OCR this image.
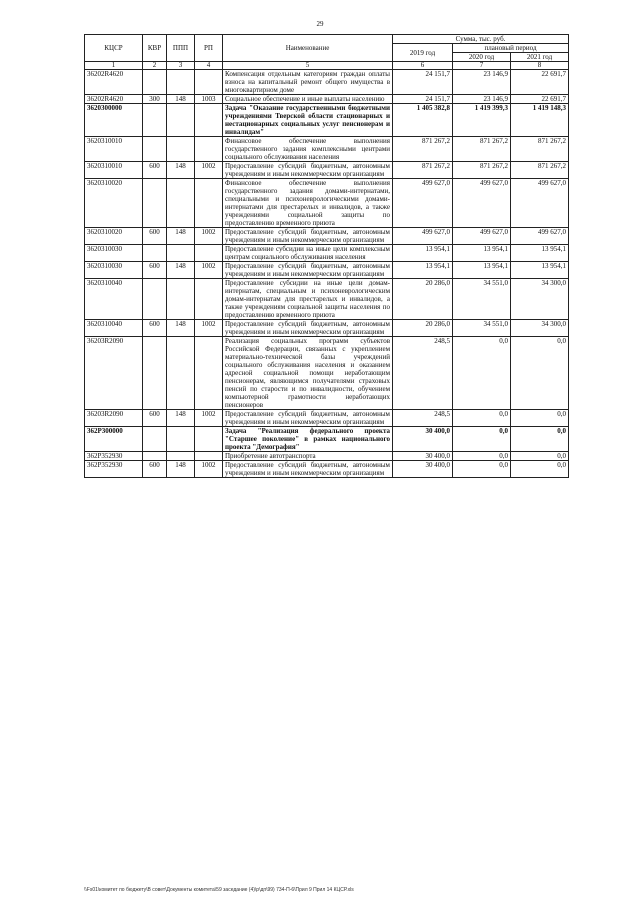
29
КЦСР	КВР	ППП	РП	Наименование	Сумма, тыс. руб.		
					2019 год	плановый период	
						2020 год	2021 год
1	2	3	4	5	6	7	8
36202R4620				Компенсация отдельным категориям граждан оплаты взноса на капитальный ремонт общего имущества в многоквартирном доме	24 151,7	23 146,9	22 691,7
36202R4620	300	148	1003	Социальное обеспечение и иные выплаты населению	24 151,7	23 146,9	22 691,7
3620300000				Задача "Оказание государственными бюджетными учреждениями Тверской области стационарных и нестационарных социальных услуг пенсионерам и инвалидам"	1 405 382,8	1 419 399,3	1 419 148,3
3620310010				Финансовое обеспечение выполнения государственного задания комплексными центрами социального обслуживания населения	871 267,2	871 267,2	871 267,2
3620310010	600	148	1002	Предоставление субсидий бюджетным, автономным учреждениям и иным некоммерческим организациям	871 267,2	871 267,2	871 267,2
3620310020				Финансовое обеспечение выполнения государственного задания домами-интернатами, специальными и психоневрологическими домами-интернатами для престарелых и инвалидов, а также учреждениями социальной защиты по предоставлению временного приюта	499 627,0	499 627,0	499 627,0
3620310020	600	148	1002	Предоставление субсидий бюджетным, автономным учреждениям и иным некоммерческим организациям	499 627,0	499 627,0	499 627,0
3620310030				Предоставление субсидии на иные цели комплексным центрам социального обслуживания населения	13 954,1	13 954,1	13 954,1
3620310030	600	148	1002	Предоставление субсидий бюджетным, автономным учреждениям и иным некоммерческим организациям	13 954,1	13 954,1	13 954,1
3620310040				Предоставление субсидии на иные цели домам-интернатам, специальным и психоневрологическим домам-интернатам для престарелых и инвалидов, а также учреждениям социальной защиты населения по предоставлению временного приюта	20 286,0	34 551,0	34 300,0
3620310040	600	148	1002	Предоставление субсидий бюджетным, автономным учреждениям и иным некоммерческим организациям	20 286,0	34 551,0	34 300,0
36203R2090				Реализация социальных программ субъектов Российской Федерации, связанных с укреплением материально-технической базы учреждений социального обслуживания населения и оказанием адресной социальной помощи неработающим пенсионерам, являющимся получателями страховых пенсий по старости и по инвалидности, обучением компьютерной грамотности неработающих пенсионеров	248,5	0,0	0,0
36203R2090	600	148	1002	Предоставление субсидий бюджетным, автономным учреждениям и иным некоммерческим организациям	248,5	0,0	0,0
362P300000				Задача "Реализация федерального проекта "Старшее поколение" в рамках национального проекта "Демография"	30 400,0	0,0	0,0
362P352930				Приобретение автотранспорта	30 400,0	0,0	0,0
362P352930	600	148	1002	Предоставление субсидий бюджетным, автономным учреждениям и иным некоммерческим организациям	30 400,0	0,0	0,0
\\Fs01\комитет по бюджету\В совет\Документы комитета\59 заседание (4)\р\дп\99) 734-П-6\Прил 9 Прил 14 КЦСР.xls
